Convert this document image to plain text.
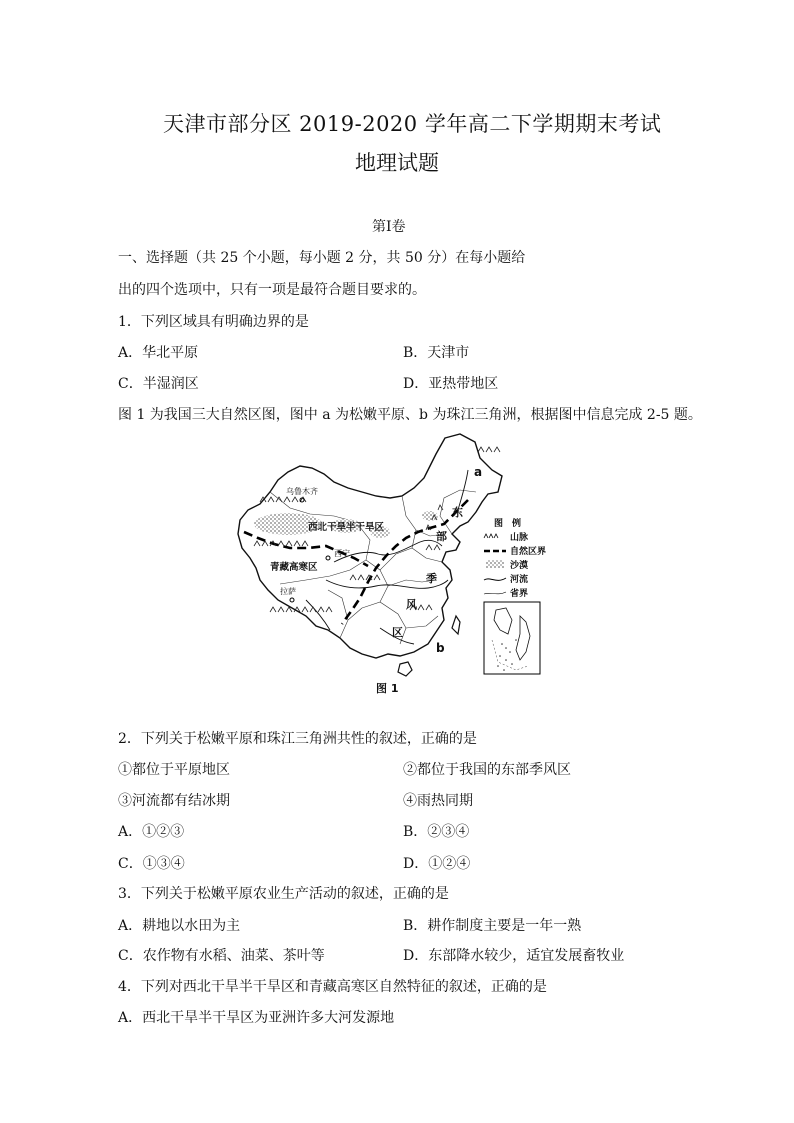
天津市部分区 2019-2020 学年高二下学期期末考试
地理试题
第Ⅰ卷
一、选择题（共 25 个小题，每小题 2 分，共 50 分）在每小题给
出的四个选项中，只有一项是最符合题目要求的。
1．下列区域具有明确边界的是
A．华北平原	B．天津市
C．半湿润区	D．亚热带地区
图 1 为我国三大自然区图，图中 a 为松嫩平原、b 为珠江三角洲，根据图中信息完成 2-5 题。
乌鲁木齐
西北干旱半干旱区
青藏高寒区
拉萨
西宁
东
部
季
风
区
a
b
图　例
山脉
自然区界
沙漠
河流
省界
图 1
2．下列关于松嫩平原和珠江三角洲共性的叙述，正确的是
①都位于平原地区	②都位于我国的东部季风区
③河流都有结冰期	④雨热同期
A．①②③	B．②③④
C．①③④	D．①②④
3．下列关于松嫩平原农业生产活动的叙述，正确的是
A．耕地以水田为主	B．耕作制度主要是一年一熟
C．农作物有水稻、油菜、茶叶等	D．东部降水较少，适宜发展畜牧业
4．下列对西北干旱半干旱区和青藏高寒区自然特征的叙述，正确的是
A．西北干旱半干旱区为亚洲许多大河发源地
